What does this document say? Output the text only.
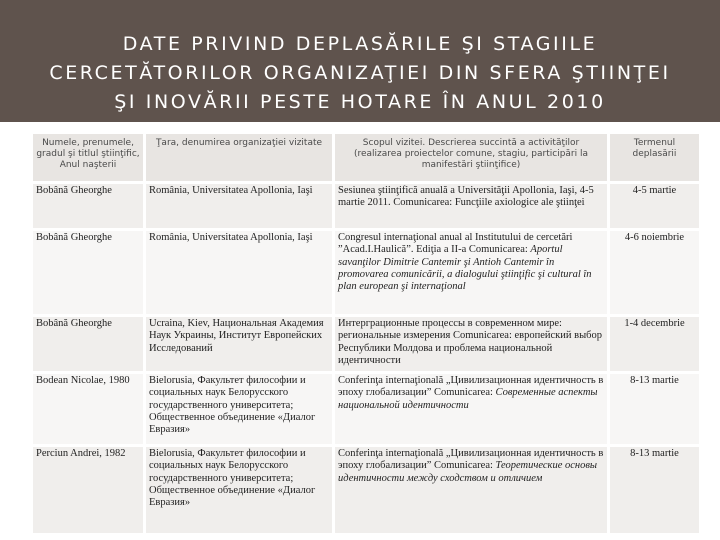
DATE PRIVIND DEPLASĂRILE ŞI STAGIILE
CERCETĂTORILOR ORGANIZAŢIEI DIN SFERA ŞTIINŢEI
ŞI INOVĂRII PESTE HOTARE ÎN ANUL 2010
Numele, prenumele, gradul şi titlul ştiinţific, Anul naşterii	Ţara, denumirea organizaţiei vizitate	Scopul vizitei. Descrierea succintă a activităţilor (realizarea proiectelor comune, stagiu, participări la manifestări ştiinţifice)	Termenul deplasării
Bobână Gheorghe	România, Universitatea Apollonia, Iaşi	Sesiunea ştiinţifică anuală a Universităţii Apollonia, Iaşi, 4-5 martie 2011. Comunicarea: Funcţiile axiologice ale ştiinţei	4-5 martie
Bobână Gheorghe	România, Universitatea Apollonia, Iaşi	Congresul internaţional anual al Institutului de cercetări ”Acad.I.Haulică”. Ediţia a II-a Comunicarea: Aportul savanţilor Dimitrie Cantemir şi Antioh Cantemir în promovarea comunicării, a dialogului ştiinţific şi cultural în plan european şi internaţional	4-6 noiembrie
Bobână Gheorghe	Ucraina, Kiev, Национальная Академия Наук Украины, Институт Европейских Исследований	Интерграционные процессы в современном мире: региональные измерения Comunicarea: европейский выбор Республики Молдова и проблема национальной идентичности	1-4 decembrie
Bodean Nicolae, 1980	Bielorusia, Факультет философии и социальных наук Белорусского государственного университета; Общественное объединение «Диалог Евразия»	Conferinţa internaţională „Цивилизационная идентичность в эпоху глобализации” Comunicarea: Современные аспекты национальной идентичности	8-13 martie
Perciun Andrei, 1982	Bielorusia, Факультет философии и социальных наук Белорусского государственного университета; Общественное объединение «Диалог Евразия»	Conferinţa internaţională „Цивилизационная идентичность в эпоху глобализации” Comunicarea: Теоретические основы идентичности между сходством и отличием	8-13 martie
